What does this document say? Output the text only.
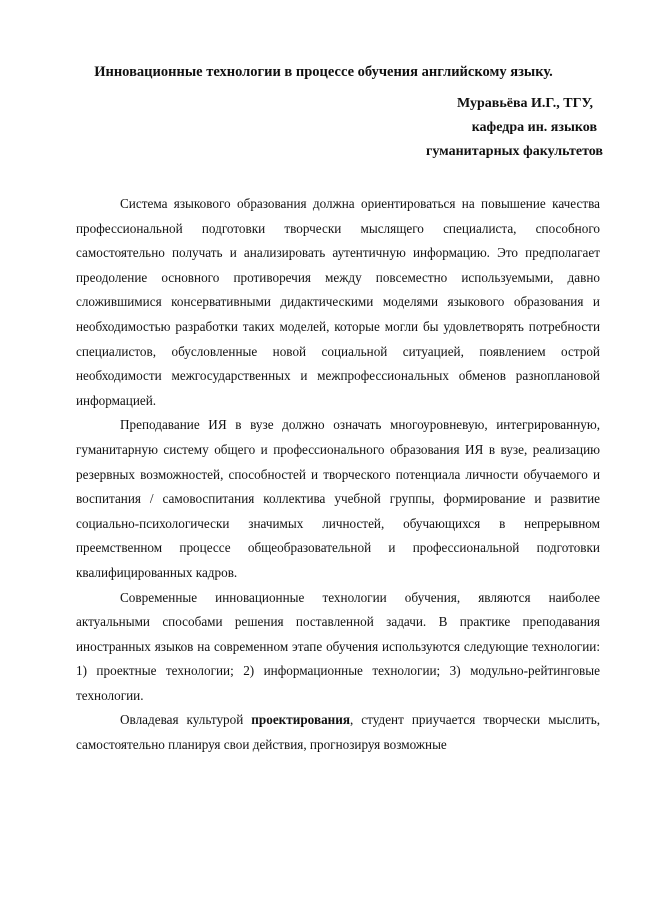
Инновационные технологии в процессе обучения английскому языку.
Муравьёва И.Г., ТГУ,
кафедра ин. языков
гуманитарных факультетов

Система языкового образования должна ориентироваться на повышение качества профессиональной подготовки творчески мыслящего специалиста, способного самостоятельно получать и анализировать аутентичную информацию. Это предполагает преодоление основного противоречия между повсеместно используемыми, давно сложившимися консервативными дидактическими моделями языкового образования и необходимостью разработки таких моделей, которые могли бы удовлетворять потребности специалистов, обусловленные новой социальной ситуацией, появлением острой необходимости межгосударственных и межпрофессиональных обменов разноплановой информацией.

Преподавание ИЯ в вузе должно означать многоуровневую, интегрированную, гуманитарную систему общего и профессионального образования ИЯ в вузе, реализацию резервных возможностей, способностей и творческого потенциала личности обучаемого и воспитания / самовоспитания коллектива учебной группы, формирование и развитие социально-психологически значимых личностей, обучающихся в непрерывном преемственном процессе общеобразовательной и профессиональной подготовки квалифицированных кадров.

Современные инновационные технологии обучения, являются наиболее актуальными способами решения поставленной задачи. В практике преподавания иностранных языков на современном этапе обучения используются следующие технологии: 1) проектные технологии; 2) информационные технологии; 3) модульно-рейтинговые технологии.

Овладевая культурой проектирования, студент приучается творчески мыслить, самостоятельно планируя свои действия, прогнозируя возможные
